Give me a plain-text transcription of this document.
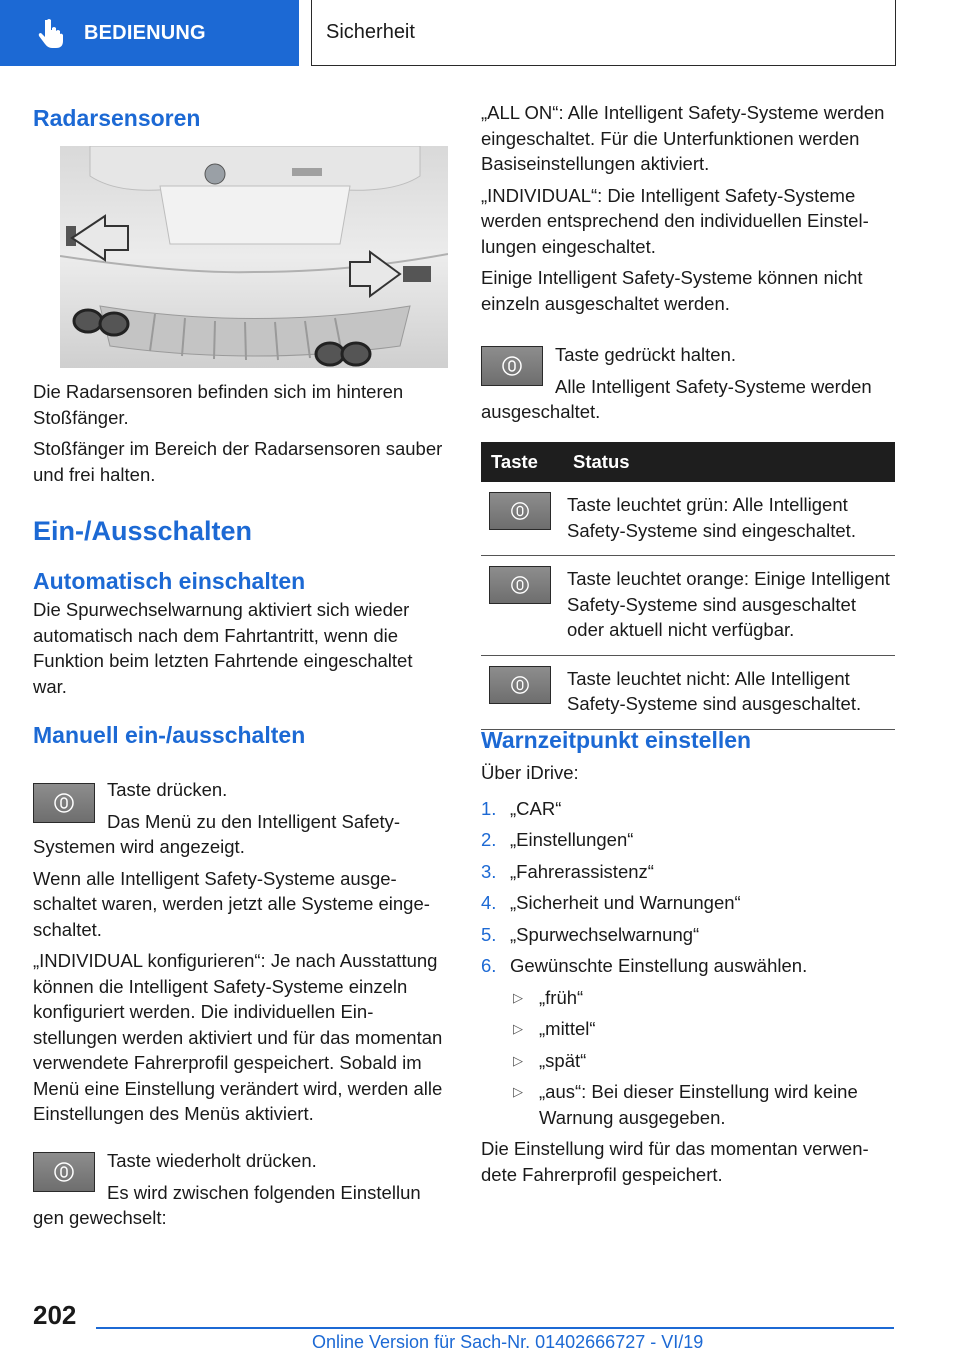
BEDIENUNG	Sicherheit
Radarsensoren

Die Radarsensoren befinden sich im hinteren Stoßfänger.

Stoßfänger im Bereich der Radarsensoren sauber und frei halten.

Ein-/Ausschalten
Automatisch einschalten

Die Spurwechselwarnung aktiviert sich wieder automatisch nach dem Fahrtantritt, wenn die Funktion beim letzten Fahrtende eingeschaltet war.

Manuell ein-/ausschalten

Taste drücken.

Das Menü zu den Intelligent Safety-

Systemen wird angezeigt.

Wenn alle Intelligent Safety-Systeme ausgeschaltet waren, werden jetzt alle Systeme eingeschaltet.

„INDIVIDUAL konfigurieren“: Je nach Ausstattung können die Intelligent Safety-Systeme einzeln konfiguriert werden. Die individuellen Einstellungen werden aktiviert und für das momentan verwendete Fahrerprofil gespeichert. Sobald im Menü eine Einstellung verändert wird, werden alle Einstellungen des Menüs aktiviert.

Taste wiederholt drücken.

Es wird zwischen folgenden Einstellun

gen gewechselt:

„ALL ON“: Alle Intelligent Safety-Systeme werden eingeschaltet. Für die Unterfunktionen werden Basiseinstellungen aktiviert.

„INDIVIDUAL“: Die Intelligent Safety-Systeme werden entsprechend den individuellen Einstellungen eingeschaltet.

Einige Intelligent Safety-Systeme können nicht einzeln ausgeschaltet werden.

Taste gedrückt halten.

Alle Intelligent Safety-Systeme werden

ausgeschaltet.

Taste	Status

	Taste leuchtet grün: Alle Intelligent Safety-Systeme sind eingeschaltet.

	Taste leuchtet orange: Einige Intelligent Safety-Systeme sind ausgeschaltet oder aktuell nicht verfügbar.

	Taste leuchtet nicht: Alle Intelligent Safety-Systeme sind ausgeschaltet.
Warnzeitpunkt einstellen

Über iDrive:

1. „CAR“
2. „Einstellungen“
3. „Fahrerassistenz“
4. „Sicherheit und Warnungen“
5. „Spurwechselwarnung“
6. Gewünschte Einstellung auswählen.
▷ „früh“
▷ „mittel“
▷ „spät“
▷ „aus“: Bei dieser Einstellung wird keine Warnung ausgegeben.

Die Einstellung wird für das momentan verwendete Fahrerprofil gespeichert.

202
Online Version für Sach-Nr. 01402666727 - VI/19
